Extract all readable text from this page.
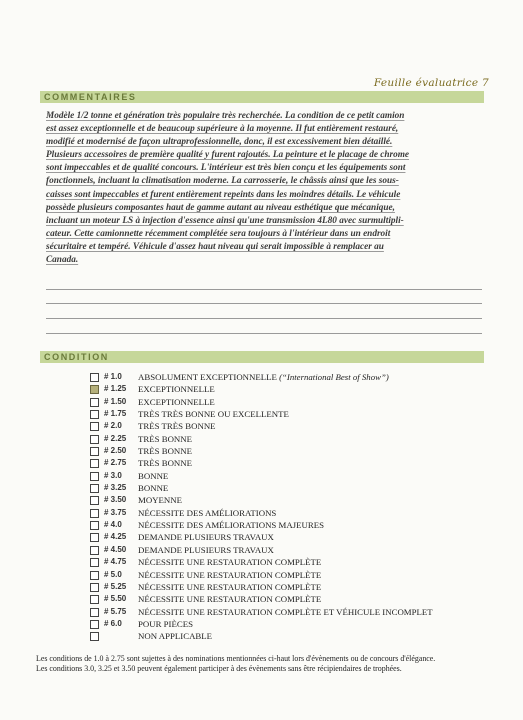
Feuille évaluatrice 7
COMMENTAIRES
Modèle 1/2 tonne et génération très populaire très recherchée. La condition de ce petit camion
est assez exceptionnelle et de beaucoup supérieure à la moyenne. Il fut entièrement restauré,
modifié et modernisé de façon ultraprofessionnelle, donc, il est excessivement bien détaillé.
Plusieurs accessoires de première qualité y furent rajoutés. La peinture et le placage de chrome
sont impeccables et de qualité concours. L'intérieur est très bien conçu et les équipements sont
fonctionnels, incluant la climatisation moderne. La carrosserie, le châssis ainsi que les sous-
caisses sont impeccables et furent entièrement repeints dans les moindres détails. Le véhicule
possède plusieurs composantes haut de gamme autant au niveau esthétique que mécanique,
incluant un moteur LS à injection d'essence ainsi qu'une transmission 4L80 avec surmultipli-
cateur. Cette camionnette récemment complétée sera toujours à l'intérieur dans un endroit
sécuritaire et tempéré. Véhicule d'assez haut niveau qui serait impossible à remplacer au
Canada.
CONDITION
# 1.0 ABSOLUMENT EXCEPTIONNELLE (“International Best of Show”)
# 1.25 EXCEPTIONNELLE
# 1.50 EXCEPTIONNELLE
# 1.75 TRÈS TRÈS BONNE OU EXCELLENTE
# 2.0 TRÈS TRÈS BONNE
# 2.25 TRÈS BONNE
# 2.50 TRÈS BONNE
# 2.75 TRÈS BONNE
# 3.0 BONNE
# 3.25 BONNE
# 3.50 MOYENNE
# 3.75 NÉCESSITE DES AMÉLIORATIONS
# 4.0 NÉCESSITE DES AMÉLIORATIONS MAJEURES
# 4.25 DEMANDE PLUSIEURS TRAVAUX
# 4.50 DEMANDE PLUSIEURS TRAVAUX
# 4.75 NÉCESSITE UNE RESTAURATION COMPLÈTE
# 5.0 NÉCESSITE UNE RESTAURATION COMPLÈTE
# 5.25 NÉCESSITE UNE RESTAURATION COMPLÈTE
# 5.50 NÉCESSITE UNE RESTAURATION COMPLÈTE
# 5.75 NÉCESSITE UNE RESTAURATION COMPLÈTE ET VÉHICULE INCOMPLET
# 6.0 POUR PIÈCES
NON APPLICABLE
Les conditions de 1.0 à 2.75 sont sujettes à des nominations mentionnées ci-haut lors d'évènements ou de concours d'élégance.
Les conditions 3.0, 3.25 et 3.50 peuvent également participer à des évènements sans être récipiendaires de trophées.
